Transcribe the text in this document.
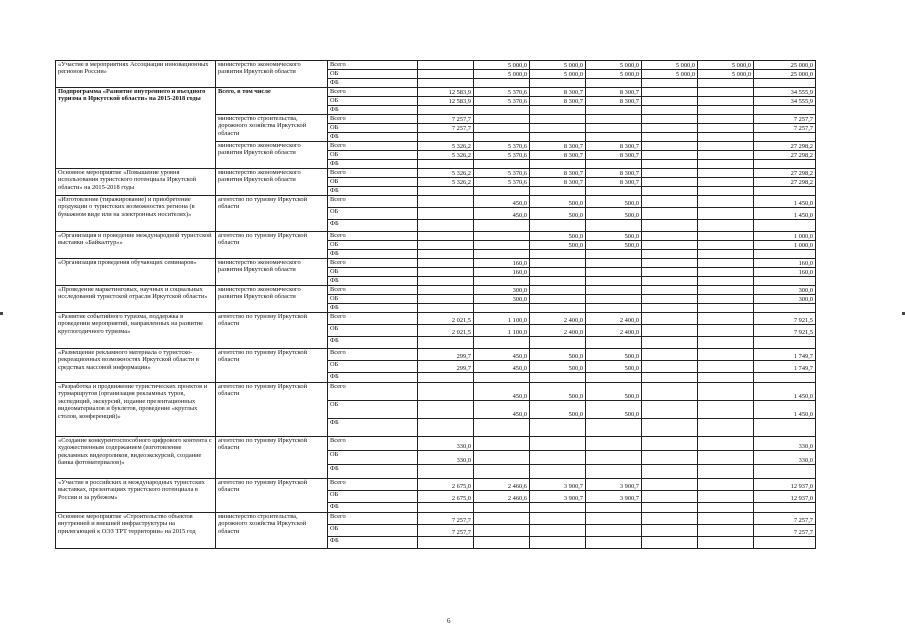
«Участие в мероприятиях Ассоциации инновационных регионов России»	министерство экономического развития Иркутской области	Всего		5 000,0	5 000,0	5 000,0	5 000,0	5 000,0	25 000,0
		ОБ		5 000,0	5 000,0	5 000,0	5 000,0	5 000,0	25 000,0
		ФБ							
Подпрограмма «Развитие внутреннего и въездного туризма в Иркутской области» на 2015-2018 годы	Всего, в том числе	Всего	12 583,9	5 370,6	8 300,7	8 300,7			34 555,9
		ОБ	12 583,9	5 370,6	8 300,7	8 300,7			34 555,9
		ФБ							
	министерство строительства, дорожного хозяйства Иркутской области	Всего	7 257,7						7 257,7
		ОБ	7 257,7						7 257,7
		ФБ							
	министерство экономического развития Иркутской области	Всего	5 326,2	5 370,6	8 300,7	8 300,7			27 298,2
		ОБ	5 326,2	5 370,6	8 300,7	8 300,7			27 298,2
		ФБ							
Основное мероприятие «Повышение уровня использования туристского потенциала Иркутской области» на 2015-2018 годы	министерство экономического развития Иркутской области	Всего	5 326,2	5 370,6	8 300,7	8 300,7			27 298,2
		ОБ	5 326,2	5 370,6	8 300,7	8 300,7			27 298,2
		ФБ							
«Изготовление (тиражирование) и приобретение продукции о туристских возможностях региона (в бумажном виде или на электронных носителях)»	агентство по туризму Иркутской области	Всего		450,0	500,0	500,0			1 450,0
		ОБ		450,0	500,0	500,0			1 450,0
		ФБ							
«Организация и проведение международной туристской выставки «Байкалтур»»	агентство по туризму Иркутской области	Всего			500,0	500,0			1 000,0
		ОБ			500,0	500,0			1 000,0
		ФБ							
«Организация проведения обучающих семинаров»	министерство экономического развития Иркутской области	Всего		160,0					160,0
		ОБ		160,0					160,0
		ФБ							
«Проведение маркетинговых, научных и социальных исследований туристской отрасли Иркутской области»	министерство экономического развития Иркутской области	Всего		300,0					300,0
		ОБ		300,0					300,0
		ФБ							
«Развитие событийного туризма, поддержка в проведении мероприятий, направленных на развитие круглогодичного туризма»	агентство по туризму Иркутской области	Всего	2 021,5	1 100,0	2 400,0	2 400,0			7 921,5
		ОБ	2 021,5	1 100,0	2 400,0	2 400,0			7 921,5
		ФБ							
«Размещение рекламного материала о туристско-рекреационных возможностях Иркутской области в средствах массовой информации»	агентство по туризму Иркутской области	Всего	299,7	450,0	500,0	500,0			1 749,7
		ОБ	299,7	450,0	500,0	500,0			1 749,7
		ФБ							
«Разработка и продвижение туристических проектов и турмаршрутов (организация рекламных туров, экспедиций, экскурсий, издание презентационных видеоматериалов и буклетов, проведение «круглых столов, конференций)»	агентство по туризму Иркутской области	Всего		450,0	500,0	500,0			1 450,0
		ОБ		450,0	500,0	500,0			1 450,0
		ФБ							
«Создание конкурентоспособного цифрового контента с художественным содержанием (изготовление рекламных видеороликов, видеоэкскурсий, создание банка фотоматериалов)»	агентство по туризму Иркутской области	Всего	330,0						330,0
		ОБ	330,0						330,0
		ФБ							
«Участие в российских и международных туристских выставках, презентациях туристского потенциала в России и за рубежом»	агентство по туризму Иркутской области	Всего	2 675,0	2 460,6	3 900,7	3 900,7			12 937,0
		ОБ	2 675,0	2 460,6	3 900,7	3 900,7			12 937,0
		ФБ							
Основное мероприятие «Строительство объектов внутренней и внешней инфраструктуры на прилегающей к ОЭЗ ТРТ территории» на 2015 год	министерство строительства, дорожного хозяйства Иркутской области	Всего	7 257,7						7 257,7
		ОБ	7 257,7						7 257,7
		ФБ							
6
